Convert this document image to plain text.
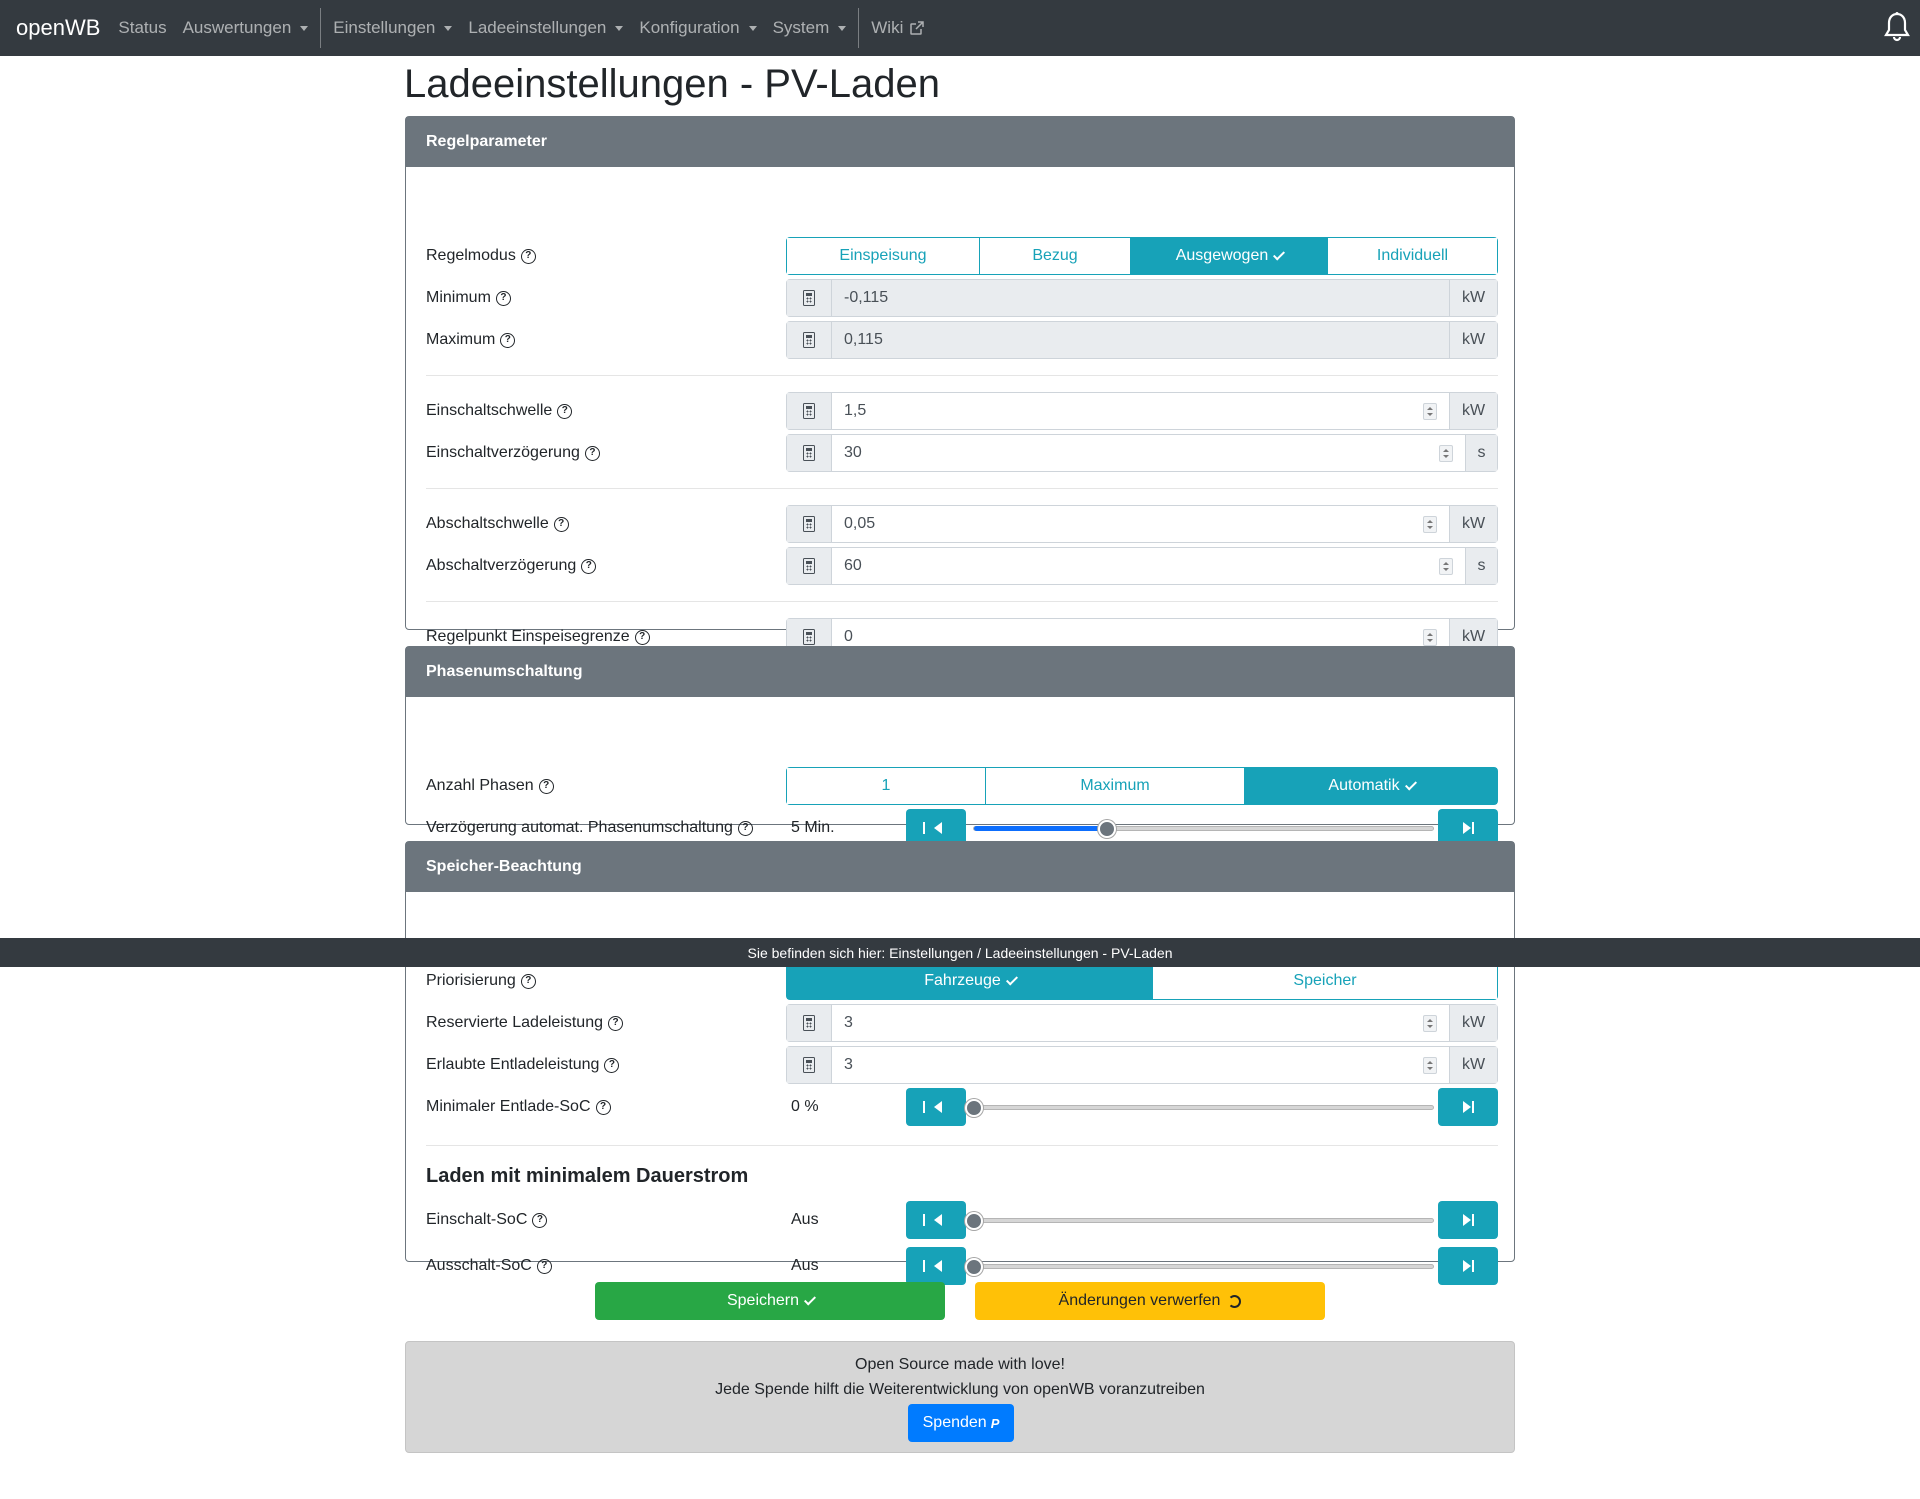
openWB Status Auswertungen Einstellungen Ladeeinstellungen Konfiguration System Wiki
Ladeeinstellungen - PV-Laden
Regelparameter
Regelmodus ?	Einspeisung	Bezug	Ausgewogen	Individuell
Minimum ?	-0,115	kW
Maximum ?	0,115	kW
Einschaltschwelle ?	1,5	kW
Einschaltverzögerung ?	30	s
Abschaltschwelle ?	0,05	kW
Abschaltverzögerung ?	60	s
Regelpunkt Einspeisegrenze ?	0	kW
Phasenumschaltung
Anzahl Phasen ?	1	Maximum	Automatik
Verzögerung automat. Phasenumschaltung ?	5 Min.
Speicher-Beachtung
Priorisierung ?	Fahrzeuge	Speicher
Reservierte Ladeleistung ?	3	kW
Erlaubte Entladeleistung ?	3	kW
Minimaler Entlade-SoC ?	0 %
Laden mit minimalem Dauerstrom
Einschalt-SoC ?	Aus
Ausschalt-SoC ?	Aus
Speichern	Änderungen verwerfen
Open Source made with love!
Jede Spende hilft die Weiterentwicklung von openWB voranzutreiben
Spenden P
Sie befinden sich hier: Einstellungen / Ladeeinstellungen - PV-Laden
